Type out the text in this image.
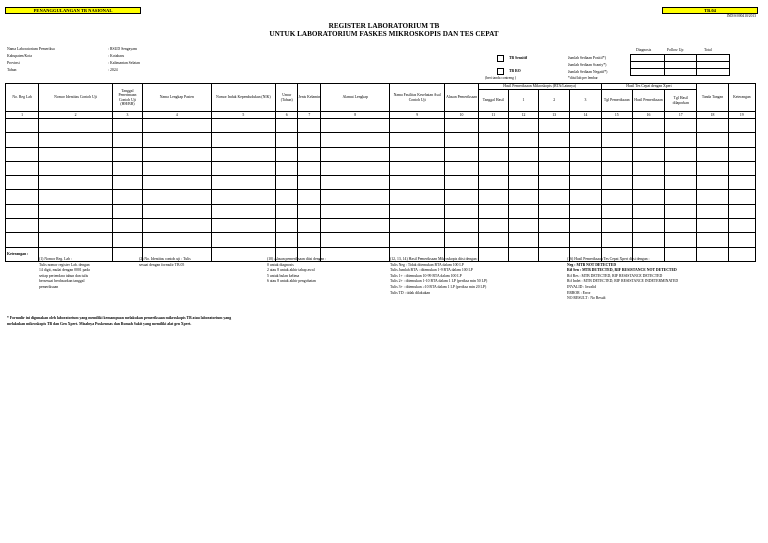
PENANGGULANGAN TB NASIONAL	TB.04
IND/S/000410/2013
REGISTER LABORATORIUM TB
UNTUK LABORATORIUM FASKES MIKROSKOPIS DAN TES CEPAT
Nama Laboratorium Pemeriksa	: RSUD Sengayam
Kabupaten/Kota	: Kotabaru
Provinsi	: Kalimantan Selatan
Tahun	: 2024
TB Sensitif
TB RO
(beri tanda contreng )
Jumlah Sediaan Positif*)
Jumlah Sediaan Scanty*)
Jumlah Sediaan Negatif*)
*diisi/lab per lembar
Diagnosis	Follow Up	Total
No. Reg Lab	Nomor Identitas Contoh Uji	Tanggal Penerimaan Contoh Uji (HH/BB)	Nama Lengkap Pasien	Nomor Induk Kependudukan (NIK)	Umur (Tahun)	Jenis Kelamin	Alamat Lengkap	Nama Fasilitas Kesehatan Asal Contoh Uji	Alasan Pemeriksaan	Hasil Pemeriksaan Mikroskopis (BTA/Lainnya)				Hasil Tes Cepat dengan Xpert			Tanda Tangan	Keterangan
										Tanggal Hasil	1	2	3	Tgl Pemeriksaan	Hasil Pemeriksaan	Tgl Hasil dilaporkan		
1	2	3	4	5	6	7	8	9	10	11	12	13	14	15	16	17	18	19

Keterangan :
(1) Nomor Reg. Lab :
Tulis nomor register Lab. dengan
14 digit, mulai dengan 0001 pada
setiap pertendara tahun dan tulis
bersesuai berdasarkan tanggal
pemeriksaan
(2) No. Identitas contoh uji : Tulis
sesuai dengan formulir TB.05
(10) Alasan pemeriksaan diisi dengan :
0 untuk diagnosis
2 atau 8 untuk akhir tahap awal
5 untuk bulan kelima
6 atau 8 untuk akhir pengobatan
(12, 13, 14) Hasil Pemeriksaan Mikroskopis diisi dengan :
Tulis Neg : Tidak ditemukan BTA dalam 100 LP
Tulis Jumlah BTA : ditemukan 1-9 BTA dalam 100 LP
Tulis 1+ : ditemukan 10-99 BTA dalam 100 LP
Tulis 2+ : ditemukan 1-10 BTA dalam 1 LP (periksa min 50 LP)
Tulis 3+ : ditemukan ≥10 BTA dalam 1 LP (periksa min 20 LP)
Tulis TD : tidak dilakukan
(16) Hasil Pemeriksaan Tes Cepat Xpert diisi dengan :
Neg : MTB NOT DETECTED
Rif Sen : MTB DETECTED, RIF RESISTANCE NOT DETECTED
Rif Res : MTB DETECTED, RIF RESISTANCE DETECTED
Rif Indet : MTB DETECTED, RIF RESISTANCE INDETERMINATED
INVALID : Invalid
ERROR : Error
NO RESULT : No Result
* Formulir ini digunakan oleh laboratorium yang memiliki kemampuan melakukan pemeriksaan mikroskopis TB atau laboratorium yang
melakukan mikroskopis TB dan Gen Xpert. Misalnya Puskesmas dan Rumah Sakit yang memiliki alat gen Xpert.
